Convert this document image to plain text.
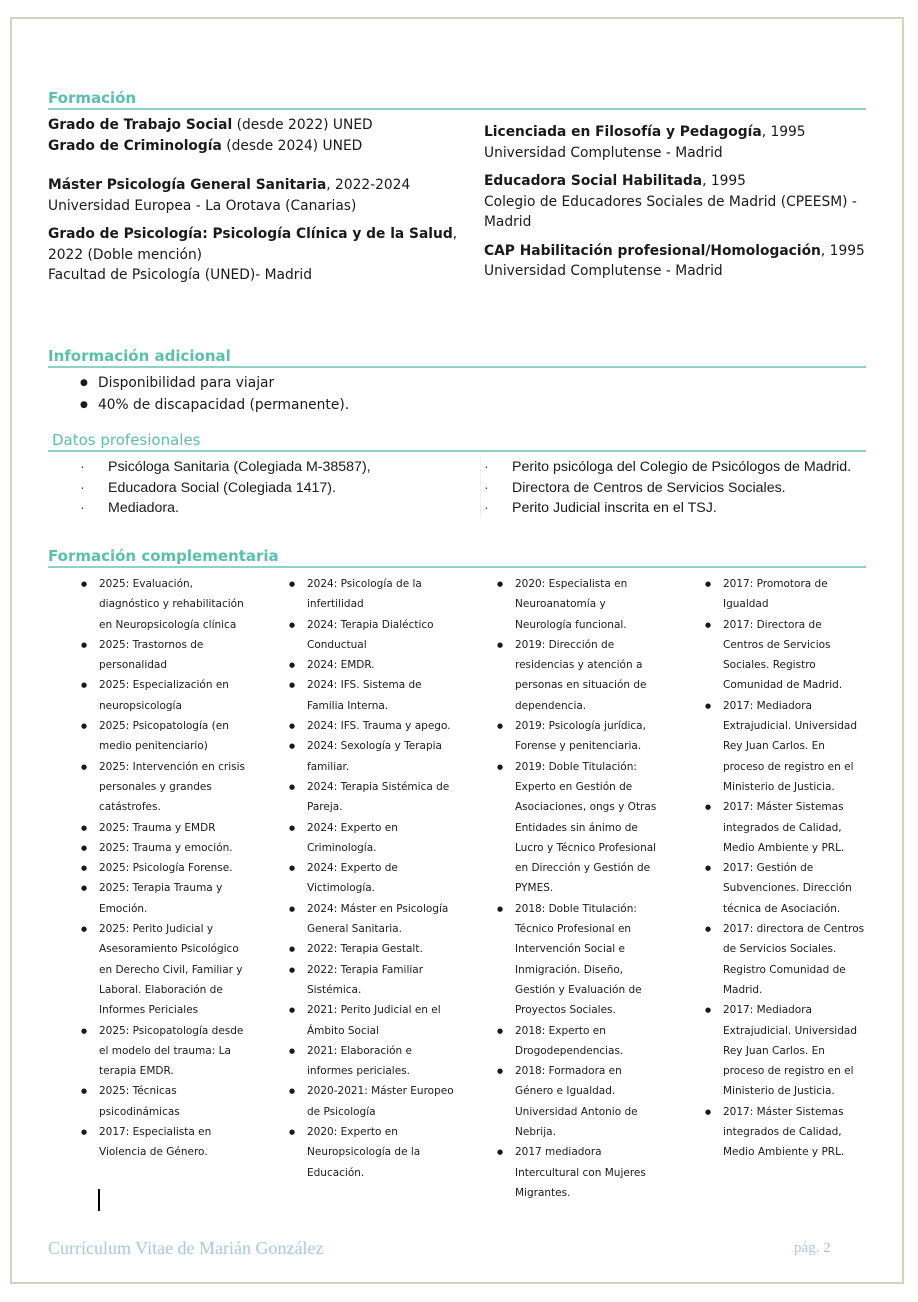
Formación
Grado de Trabajo Social (desde 2022) UNED
Grado de Criminología (desde 2024) UNED
Máster Psicología General Sanitaria, 2022-2024
Universidad Europea - La Orotava (Canarias)
Grado de Psicología: Psicología Clínica y de la Salud,
2022 (Doble mención)
Facultad de Psicología (UNED)- Madrid
Licenciada en Filosofía y Pedagogía, 1995
Universidad Complutense - Madrid
Educadora Social Habilitada, 1995
Colegio de Educadores Sociales de Madrid (CPEESM) -
Madrid
CAP Habilitación profesional/Homologación, 1995
Universidad Complutense - Madrid
Información adicional
● Disponibilidad para viajar
● 40% de discapacidad (permanente).
Datos profesionales
· Psicóloga Sanitaria (Colegiada M-38587),
· Educadora Social (Colegiada 1417).
· Mediadora.
· Perito psicóloga del Colegio de Psicólogos de Madrid.
· Directora de Centros de Servicios Sociales.
· Perito Judicial inscrita en el TSJ.
Formación complementaria
● 2025: Evaluación, diagnóstico y rehabilitación en Neuropsicología clínica
● 2025: Trastornos de personalidad
● 2025: Especialización en neuropsicología
● 2025: Psicopatología (en medio penitenciario)
● 2025: Intervención en crisis personales y grandes catástrofes.
● 2025: Trauma y EMDR
● 2025: Trauma y emoción.
● 2025: Psicología Forense.
● 2025: Terapia Trauma y Emoción.
● 2025: Perito Judicial y Asesoramiento Psicológico en Derecho Civil, Familiar y Laboral. Elaboración de Informes Periciales
● 2025: Psicopatología desde el modelo del trauma: La terapia EMDR.
● 2025: Técnicas psicodinámicas
● 2017: Especialista en Violencia de Género.
● 2024: Psicología de la infertilidad
● 2024: Terapia Dialéctico Conductual
● 2024: EMDR.
● 2024: IFS. Sistema de Familia Interna.
● 2024: IFS. Trauma y apego.
● 2024: Sexología y Terapia familiar.
● 2024: Terapia Sistémica de Pareja.
● 2024: Experto en Criminología.
● 2024: Experto de Victimología.
● 2024: Máster en Psicología General Sanitaria.
● 2022: Terapia Gestalt.
● 2022: Terapia Familiar Sistémica.
● 2021: Perito Judicial en el Ámbito Social
● 2021: Elaboración e informes periciales.
● 2020-2021: Máster Europeo de Psicología
● 2020: Experto en Neuropsicología de la Educación.
● 2020: Especialista en Neuroanatomía y Neurología funcional.
● 2019: Dirección de residencias y atención a personas en situación de dependencia.
● 2019: Psicología jurídica, Forense y penitenciaria.
● 2019: Doble Titulación: Experto en Gestión de Asociaciones, ongs y Otras Entidades sin ánimo de Lucro y Técnico Profesional en Dirección y Gestión de PYMES.
● 2018: Doble Titulación: Técnico Profesional en Intervención Social e Inmigración. Diseño, Gestión y Evaluación de Proyectos Sociales.
● 2018: Experto en Drogodependencias.
● 2018: Formadora en Género e Igualdad. Universidad Antonio de Nebrija.
● 2017 mediadora Intercultural con Mujeres Migrantes.
● 2017: Promotora de Igualdad
● 2017: Directora de Centros de Servicios Sociales. Registro Comunidad de Madrid.
● 2017: Mediadora Extrajudicial. Universidad Rey Juan Carlos. En proceso de registro en el Ministerio de Justicia.
● 2017: Máster Sistemas integrados de Calidad, Medio Ambiente y PRL.
● 2017: Gestión de Subvenciones. Dirección técnica de Asociación.
● 2017: directora de Centros de Servicios Sociales. Registro Comunidad de Madrid.
● 2017: Mediadora Extrajudicial. Universidad Rey Juan Carlos. En proceso de registro en el Ministerio de Justicia.
● 2017: Máster Sistemas integrados de Calidad, Medio Ambiente y PRL.
Currículum Vitae de Marián González	pág. 2
